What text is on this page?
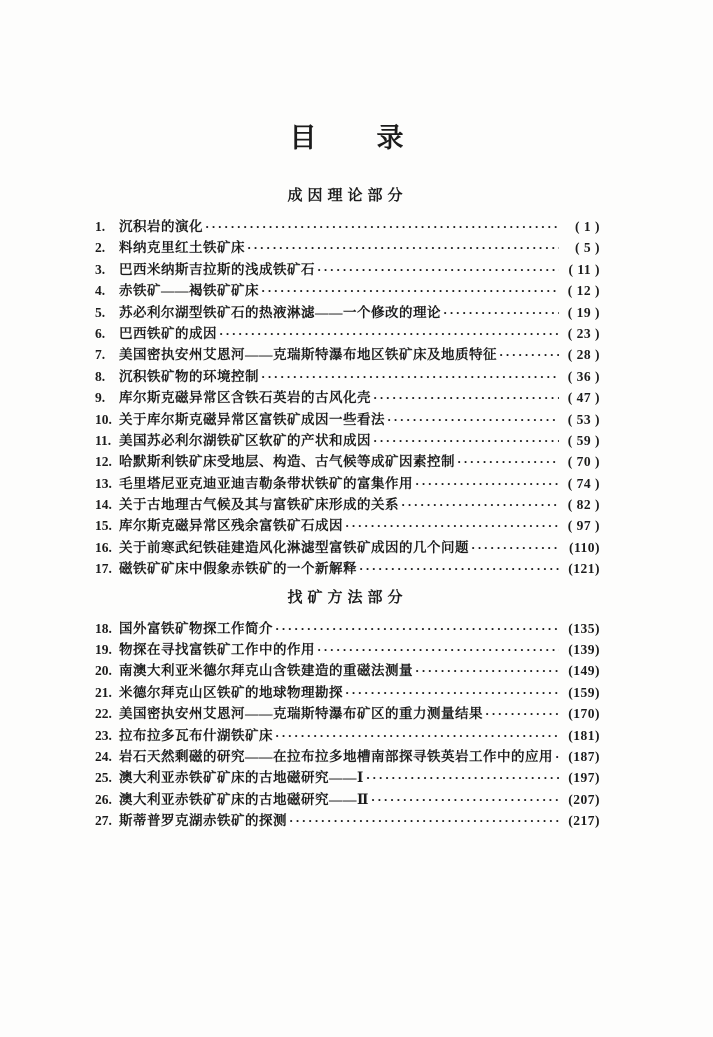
目　　录
成因理论部分
1.	沉积岩的演化 ·····	( 1 )
2.	料纳克里红土铁矿床 ·····	( 5 )
3.	巴西米纳斯吉拉斯的浅成铁矿石 ·····	( 11 )
4.	赤铁矿——褐铁矿矿床 ·····	( 12 )
5.	苏必利尔湖型铁矿石的热液淋滤——一个修改的理论 ·····	( 19 )
6.	巴西铁矿的成因 ·····	( 23 )
7.	美国密执安州艾恩河——克瑞斯特瀑布地区铁矿床及地质特征 ·····	( 28 )
8.	沉积铁矿物的环境控制 ·····	( 36 )
9.	库尔斯克磁异常区含铁石英岩的古风化壳 ·····	( 47 )
10. 关于库尔斯克磁异常区富铁矿成因一些看法 ·····	( 53 )
11. 美国苏必利尔湖铁矿区软矿的产状和成因 ·····	( 59 )
12. 哈默斯利铁矿床受地层、构造、古气候等成矿因素控制 ·····	( 70 )
13. 毛里塔尼亚克迪亚迪吉勒条带状铁矿的富集作用 ·····	( 74 )
14. 关于古地理古气候及其与富铁矿床形成的关系 ·····	( 82 )
15. 库尔斯克磁异常区残余富铁矿石成因 ·····	( 97 )
16. 关于前寒武纪铁硅建造风化淋滤型富铁矿成因的几个问题 ·····	(110)
17. 磁铁矿矿床中假象赤铁矿的一个新解释 ·····	(121)
找矿方法部分
18. 国外富铁矿物探工作简介 ·····	(135)
19. 物探在寻找富铁矿工作中的作用 ·····	(139)
20. 南澳大利亚米德尔拜克山含铁建造的重磁法测量 ·····	(149)
21. 米德尔拜克山区铁矿的地球物理勘探 ·····	(159)
22. 美国密执安州艾恩河——克瑞斯特瀑布矿区的重力测量结果 ·····	(170)
23. 拉布拉多瓦布什湖铁矿床 ·····	(181)
24. 岩石天然剩磁的研究——在拉布拉多地槽南部探寻铁英岩工作中的应用 ·····	(187)
25. 澳大利亚赤铁矿矿床的古地磁研究——Ⅰ ·····	(197)
26. 澳大利亚赤铁矿矿床的古地磁研究——Ⅱ ·····	(207)
27. 斯蒂普罗克湖赤铁矿的探测 ·····	(217)
